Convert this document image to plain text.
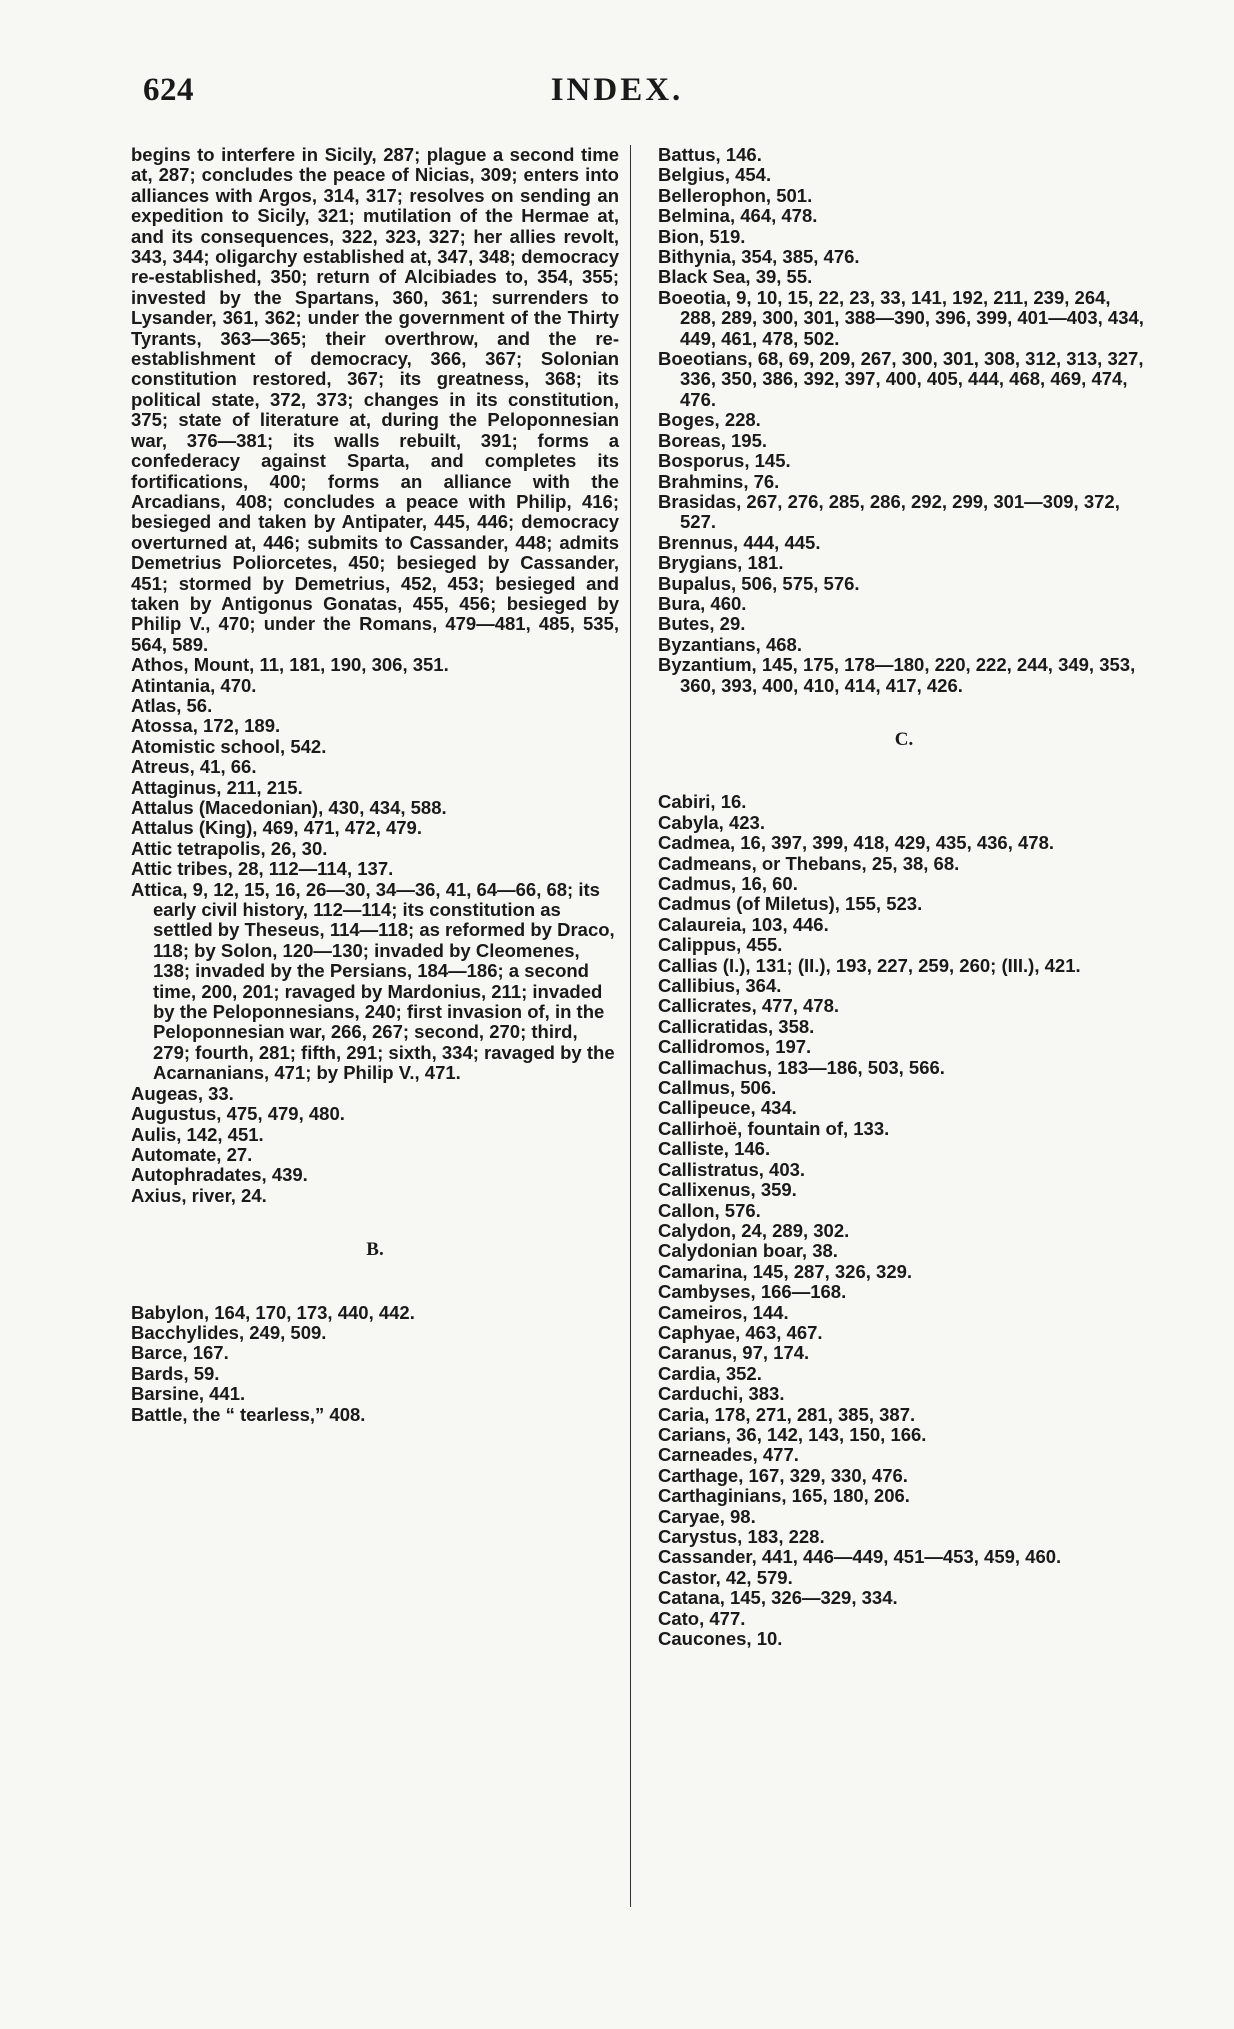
624	INDEX.
begins to interfere in Sicily, 287; plague a second time at, 287; concludes the peace of Nicias, 309; enters into alliances with Argos, 314, 317; resolves on sending an expedition to Sicily, 321; mutilation of the Hermae at, and its consequences, 322, 323, 327; her allies revolt, 343, 344; oligarchy established at, 347, 348; democracy re-established, 350; return of Alcibiades to, 354, 355; invested by the Spartans, 360, 361; surrenders to Lysander, 361, 362; under the government of the Thirty Tyrants, 363—365; their overthrow, and the re-establishment of democracy, 366, 367; Solonian constitution restored, 367; its greatness, 368; its political state, 372, 373; changes in its constitution, 375; state of literature at, during the Peloponnesian war, 376—381; its walls rebuilt, 391; forms a confederacy against Sparta, and completes its fortifications, 400; forms an alliance with the Arcadians, 408; concludes a peace with Philip, 416; besieged and taken by Antipater, 445, 446; democracy overturned at, 446; submits to Cassander, 448; admits Demetrius Poliorcetes, 450; besieged by Cassander, 451; stormed by Demetrius, 452, 453; besieged and taken by Antigonus Gonatas, 455, 456; besieged by Philip V., 470; under the Romans, 479—481, 485, 535, 564, 589.
Athos, Mount, 11, 181, 190, 306, 351.
Atintania, 470.
Atlas, 56.
Atossa, 172, 189.
Atomistic school, 542.
Atreus, 41, 66.
Attaginus, 211, 215.
Attalus (Macedonian), 430, 434, 588.
Attalus (King), 469, 471, 472, 479.
Attic tetrapolis, 26, 30.
Attic tribes, 28, 112—114, 137.
Attica, 9, 12, 15, 16, 26—30, 34—36, 41, 64—66, 68; its early civil history, 112—114; its constitution as settled by Theseus, 114—118; as reformed by Draco, 118; by Solon, 120—130; invaded by Cleomenes, 138; invaded by the Persians, 184—186; a second time, 200, 201; ravaged by Mardonius, 211; invaded by the Peloponnesians, 240; first invasion of, in the Peloponnesian war, 266, 267; second, 270; third, 279; fourth, 281; fifth, 291; sixth, 334; ravaged by the Acarnanians, 471; by Philip V., 471.
Augeas, 33.
Augustus, 475, 479, 480.
Aulis, 142, 451.
Automate, 27.
Autophradates, 439.
Axius, river, 24.
B.
Babylon, 164, 170, 173, 440, 442.
Bacchylides, 249, 509.
Barce, 167.
Bards, 59.
Barsine, 441.
Battle, the “ tearless,” 408.
Battus, 146.
Belgius, 454.
Bellerophon, 501.
Belmina, 464, 478.
Bion, 519.
Bithynia, 354, 385, 476.
Black Sea, 39, 55.
Boeotia, 9, 10, 15, 22, 23, 33, 141, 192, 211, 239, 264, 288, 289, 300, 301, 388—390, 396, 399, 401—403, 434, 449, 461, 478, 502.
Boeotians, 68, 69, 209, 267, 300, 301, 308, 312, 313, 327, 336, 350, 386, 392, 397, 400, 405, 444, 468, 469, 474, 476.
Boges, 228.
Boreas, 195.
Bosporus, 145.
Brahmins, 76.
Brasidas, 267, 276, 285, 286, 292, 299, 301—309, 372, 527.
Brennus, 444, 445.
Brygians, 181.
Bupalus, 506, 575, 576.
Bura, 460.
Butes, 29.
Byzantians, 468.
Byzantium, 145, 175, 178—180, 220, 222, 244, 349, 353, 360, 393, 400, 410, 414, 417, 426.
C.
Cabiri, 16.
Cabyla, 423.
Cadmea, 16, 397, 399, 418, 429, 435, 436, 478.
Cadmeans, or Thebans, 25, 38, 68.
Cadmus, 16, 60.
Cadmus (of Miletus), 155, 523.
Calaureia, 103, 446.
Calippus, 455.
Callias (I.), 131; (II.), 193, 227, 259, 260; (III.), 421.
Callibius, 364.
Callicrates, 477, 478.
Callicratidas, 358.
Callidromos, 197.
Callimachus, 183—186, 503, 566.
Callmus, 506.
Callipeuce, 434.
Callirhoë, fountain of, 133.
Calliste, 146.
Callistratus, 403.
Callixenus, 359.
Callon, 576.
Calydon, 24, 289, 302.
Calydonian boar, 38.
Camarina, 145, 287, 326, 329.
Cambyses, 166—168.
Cameiros, 144.
Caphyae, 463, 467.
Caranus, 97, 174.
Cardia, 352.
Carduchi, 383.
Caria, 178, 271, 281, 385, 387.
Carians, 36, 142, 143, 150, 166.
Carneades, 477.
Carthage, 167, 329, 330, 476.
Carthaginians, 165, 180, 206.
Caryae, 98.
Carystus, 183, 228.
Cassander, 441, 446—449, 451—453, 459, 460.
Castor, 42, 579.
Catana, 145, 326—329, 334.
Cato, 477.
Caucones, 10.
